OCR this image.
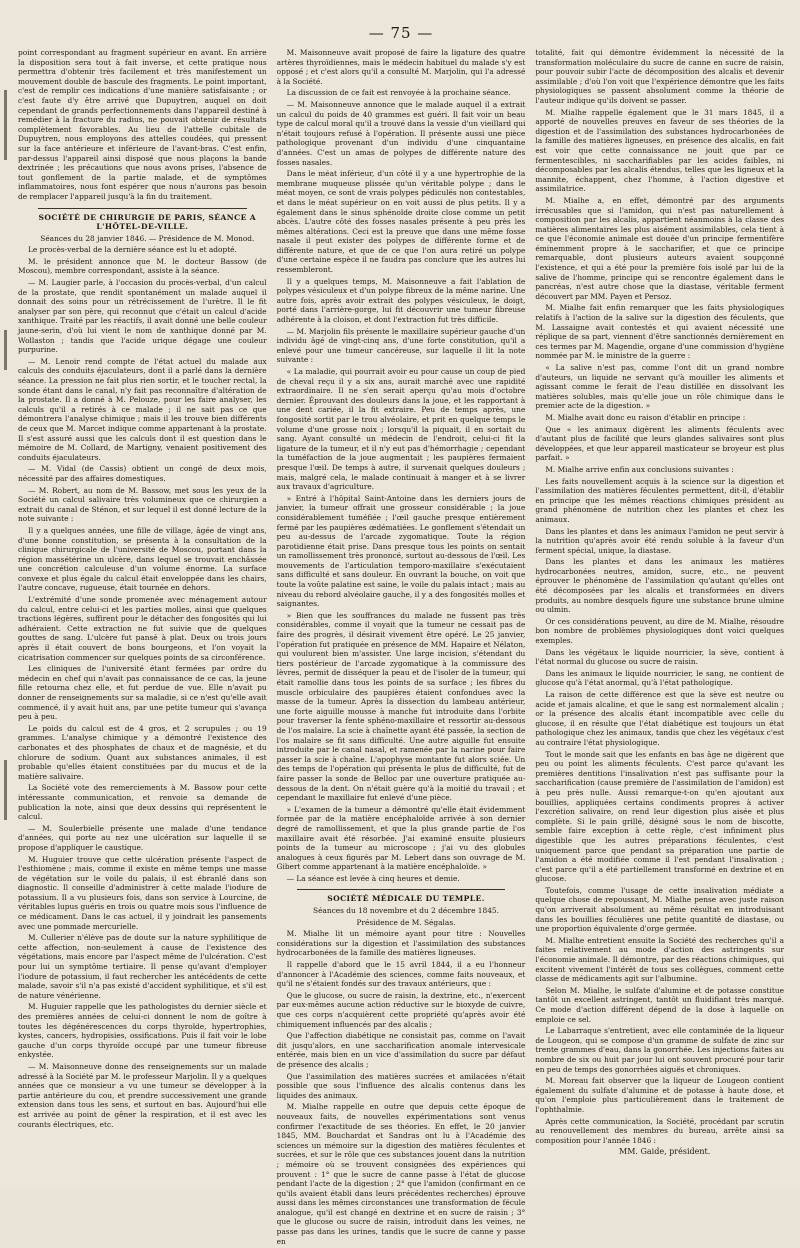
— 75 —

point correspondant au fragment supérieur en avant. En arrière la disposition sera tout à fait inverse, et cette pratique nous permettra d'obtenir très facilement et très manifestement un mouvement double de bascule des fragments. Le point important, c'est de remplir ces indications d'une manière satisfaisante ; or c'est faute d'y être arrivé que Dupuytren, auquel on doit cependant de grands perfectionnements dans l'appareil destiné à remédier à la fracture du radius, ne pouvait obtenir de résultats complètement favorables. Au lieu de l'attelle cubitale de Dupuytren, nous employons des attelles coudées, qui pressent sur la face antérieure et inférieure de l'avant-bras. C'est enfin, par-dessus l'appareil ainsi disposé que nous plaçons la bande dextrinée ; les précautions que nous avons prises, l'absence de tout gonflement de la partie malade, et de symptômes inflammatoires, nous font espérer que nous n'aurons pas besoin de remplacer l'appareil jusqu'à la fin du traitement.

SOCIÉTÉ DE CHIRURGIE DE PARIS, SÉANCE A L'HÔTEL-DE-VILLE.

Séances du 28 janvier 1846. — Présidence de M. Monod.

Le procès-verbal de la dernière séance est lu et adopté.

M. le président annonce que M. le docteur Bassow (de Moscou), membre correspondant, assiste à la séance.

— M. Laugier parle, à l'occasion du procès-verbal, d'un calcul de la prostate, que rendit spontanément un malade auquel il donnait des soins pour un rétrécissement de l'urètre. Il le fit analyser par son père, qui reconnut que c'était un calcul d'acide xanthique. Traité par les réactifs, il avait donné une belle couleur jaune-serin, d'où lui vient le nom de xanthique donné par M. Wollaston ; tandis que l'acide urique dégage une couleur purpurine.

— M. Lenoir rend compte de l'état actuel du malade aux calculs des conduits éjaculateurs, dont il a parlé dans la dernière séance. La pression ne fait plus rien sortir, et le toucher rectal, la sonde étant dans le canal, n'y fait pas reconnaître d'altération de la prostate. Il a donné à M. Pelouze, pour les faire analyser, les calculs qu'il a retirés à ce malade ; il ne sait pas ce que démontrera l'analyse chimique ; mais il les trouve bien différents de ceux que M. Marcet indique comme appartenant à la prostate. Il s'est assuré aussi que les calculs dont il est question dans le mémoire de M. Collard, de Martigny, venaient positivement des conduits éjaculateurs.

— M. Vidal (de Cassis) obtient un congé de deux mois, nécessité par des affaires domestiques.

— M. Robert, au nom de M. Bassow, met sous les yeux de la Société un calcul salivaire très volumineux que ce chirurgien a extrait du canal de Sténon, et sur lequel il est donné lecture de la note suivante :

Il y a quelques années, une fille de village, âgée de vingt ans, d'une bonne constitution, se présenta à la consultation de la clinique chirurgicale de l'université de Moscou, portant dans la région massétérine un ulcère, dans lequel se trouvait enchâssée une concrétion calculeuse d'un volume énorme. La surface convexe et plus égale du calcul était enveloppée dans les chairs, l'autre concave, rugueuse, était tournée en dehors.

L'extrémité d'une sonde promenée avec ménagement autour du calcul, entre celui-ci et les parties molles, ainsi que quelques tractions légères, suffirent pour le détacher des fongosités qui lui adhéraient. Cette extraction ne fut suivie que de quelques gouttes de sang. L'ulcère fut pansé à plat. Deux ou trois jours après il était couvert de bons bourgeons, et l'on voyait la cicatrisation commencer sur quelques points de sa circonférence.

Les cliniques de l'université étant fermées par ordre du médecin en chef qui n'avait pas connaissance de ce cas, la jeune fille retourna chez elle, et fut perdue de vue. Elle n'avait pu donner de renseignements sur sa maladie, si ce n'est qu'elle avait commencé, il y avait huit ans, par une petite tumeur qui s'avança peu à peu.

Le poids du calcul est de 4 gros, et 2 scrupules ; ou 19 grammes. L'analyse chimique y a démontré l'existence des carbonates et des phosphates de chaux et de magnésie, et du chlorure de sodium. Quant aux substances animales, il est probable qu'elles étaient constituées par du mucus et de la matière salivaire.

La Société vote des remerciements à M. Bassow pour cette intéressante communication, et renvoie sa demande de publication la note, ainsi que deux dessins qui représentent le calcul.

— M. Soulerbielle présente une malade d'une tendance d'années, qui porte au nez une ulcération sur laquelle il se propose d'appliquer le caustique.

M. Huguier trouve que cette ulcération présente l'aspect de l'esthiomène ; mais, comme il existe en même temps une masse de végétation sur le voile du palais, il est ébranlé dans son diagnostic. Il conseille d'administrer à cette malade l'iodure de potassium. Il a vu plusieurs fois, dans son service à Lourcine, de véritables lupus guéris en trois ou quatre mois sous l'influence de ce médicament. Dans le cas actuel, il y joindrait les pansements avec une pommade mercurielle.

M. Cullerier n'élève pas de doute sur la nature syphilitique de cette affection, non-seulement à cause de l'existence des végétations, mais encore par l'aspect même de l'ulcération. C'est pour lui un symptôme tertiaire. Il pense qu'avant d'employer l'iodure de potassium, il faut rechercher les antécédents de cette malade, savoir s'il n'a pas existé d'accident syphilitique, et s'il est de nature vénérienne.

M. Huguier rappelle que les pathologistes du dernier siècle et des premières années de celui-ci donnent le nom de goître à toutes les dégénérescences du corps thyroïde, hypertrophies, kystes, cancers, hydropisies, ossifications. Puis il fait voir le lobe gauche d'un corps thyroïde occupé par une tumeur fibreuse enkystée.

— M. Maisonneuve donne des renseignements sur un malade adressé à la Société par M. le professeur Marjolin. Il y a quelques années que ce monsieur a vu une tumeur se développer à la partie antérieure du cou, et prendre successivement une grande extension dans tous les sens, et surtout en bas. Aujourd'hui elle est arrivée au point de gêner la respiration, et il est avec les courants électriques, etc.

M. Maisonneuve avait proposé de faire la ligature des quatre artères thyroïdiennes, mais le médecin habituel du malade s'y est opposé ; et c'est alors qu'il a consulté M. Marjolin, qui l'a adressé à la Société.

La discussion de ce fait est renvoyée à la prochaine séance.

— M. Maisonneuve annonce que le malade auquel il a extrait un calcul du poids de 40 grammes est guéri. Il fait voir un beau type de calcul moral qu'il a trouvé dans la vessie d'un vieillard qui n'était toujours refusé à l'opération. Il présente aussi une pièce pathologique provenant d'un individu d'une cinquantaine d'années. C'est un amas de polypes de différente nature des fosses nasales.

Dans le méat inférieur, d'un côté il y a une hypertrophie de la membrane muqueuse plissée qu'un véritable polype ; dans le méat moyen, ce sont de vrais polypes pédiculés non contestables, et dans le méat supérieur on en voit aussi de plus petits. Il y a également dans le sinus sphénoïde droite close comme un petit abcès. L'autre côté des fosses nasales présente à peu près les mêmes altérations. Ceci est la preuve que dans une même fosse nasale il peut exister des polypes de différente forme et de différente nature, et que de ce que l'on aura retiré un polype d'une certaine espèce il ne faudra pas conclure que les autres lui ressembleront.

Il y a quelques temps, M. Maisonneuve a fait l'ablation de polypes vésiculeux et d'un polype fibreux de la même narine. Une autre fois, après avoir extrait des polypes vésiculeux, le doigt, porté dans l'arrière-gorge, lui fit découvrir une tumeur fibreuse adhérente à la cloison, et dont l'extraction fut très difficile.

— M. Marjolin fils présente le maxillaire supérieur gauche d'un individu âgé de vingt-cinq ans, d'une forte constitution, qu'il a enlevé pour une tumeur cancéreuse, sur laquelle il lit la note suivante :

« La maladie, qui pourrait avoir eu pour cause un coup de pied de cheval reçu il y a six ans, aurait marché avec une rapidité extraordinaire. Il ne s'en serait aperçu qu'au mois d'octobre dernier. Éprouvant des douleurs dans la joue, et les rapportant à une dent cariée, il la fit extraire. Peu de temps après, une fongosité sortit par le trou alvéolaire, et prit en quelque temps le volume d'une grosse noix ; lorsqu'il la piquait, il en sortait du sang. Ayant consulté un médecin de l'endroit, celui-ci fit la ligature de la tumeur, et il n'y eut pas d'hémorrhagie ; cependant la tuméfaction de la joue augmentait ; les paupières fermaient presque l'œil. De temps à autre, il survenait quelques douleurs ; mais, malgré cela, le malade continuait à manger et à se livrer aux travaux d'agriculture.

» Entré à l'hôpital Saint-Antoine dans les derniers jours de janvier, la tumeur offrait une grosseur considérable ; la joue considérablement tuméfiée ; l'œil gauche presque entièrement fermé par les paupières œdématiées. Le gonflement s'étendait un peu au-dessus de l'arcade zygomatique. Toute la région parotidienne était prise. Dans presque tous les points on sentait un ramollissement très prononcé, surtout au-dessous de l'œil. Les mouvements de l'articulation temporo-maxillaire s'exécutaient sans difficulté et sans douleur. En ouvrant la bouche, on voit que toute la voûte palatine est saine, le voile du palais intact ; mais au niveau du rebord alvéolaire gauche, il y a des fongosités molles et saignantes.

» Bien que les souffrances du malade ne fussent pas très considérables, comme il voyait que la tumeur ne cessait pas de faire des progrès, il désirait vivement être opéré. Le 25 janvier, l'opération fut pratiquée en présence de MM. Hapaire et Nélaton, qui voulurent bien m'assister. Une large incision, s'étendant du tiers postérieur de l'arcade zygomatique à la commissure des lèvres, permit de disséquer la peau et de l'isoler de la tumeur, qui était ramollie dans tous les points de sa surface ; les fibres du muscle orbiculaire des paupières étaient confondues avec la masse de la tumeur. Après la dissection du lambeau antérieur, une forte aiguille mousse à manche fut introduite dans l'orbite pour traverser la fente sphéno-maxillaire et ressortir au-dessous de l'os malaire. La scie à chaînette ayant été passée, la section de l'os malaire se fit sans difficulté. Une autre aiguille fut ensuite introduite par le canal nasal, et ramenée par la narine pour faire passer la scie à chaîne. L'apophyse montante fut alors sciée. Un des temps de l'opération qui présenta le plus de difficulté, fut de faire passer la sonde de Belloc par une ouverture pratiquée au-dessous de la dent. On n'était guère qu'à la moitié du travail ; et cependant le maxillaire fut enlevé d'une pièce.

» L'examen de la tumeur a démontré qu'elle était évidemment formée par de la matière encéphaloïde arrivée à son dernier degré de ramollissement, et que la plus grande partie de l'os maxillaire avait été résorbée. J'ai examiné ensuite plusieurs points de la tumeur au microscope ; j'ai vu des globules analogues à ceux figurés par M. Lebert dans son ouvrage de M. Gibert comme appartenant à la matière encéphaloïde. »

— La séance est levée à cinq heures et demie.

SOCIÉTÉ MÉDICALE DU TEMPLE.

Séances du 18 novembre et du 2 décembre 1845.

Présidence de M. Ségalas.

M. Mialhe lit un mémoire ayant pour titre : Nouvelles considérations sur la digestion et l'assimilation des substances hydrocarbonées de la famille des matières ligneuses.

Il rappelle d'abord que le 15 avril 1844, il a eu l'honneur d'annoncer à l'Académie des sciences, comme faits nouveaux, et qu'il ne s'étaient fondés sur des travaux antérieurs, que :

Que le glucose, ou sucre de raisin, la dextrine, etc., n'exercent par eux-mêmes aucune action réductive sur le bioxyde de cuivre, que ces corps n'acquièrent cette propriété qu'après avoir été chimiquement influencés par des alcalis ;

Que l'affection diabétique ne consistait pas, comme on l'avait dit jusqu'alors, en une saccharification anomale intervesicale entérée, mais bien en un vice d'assimilation du sucre par défaut de présence des alcalis ;

Que l'assimilation des matières sucrées et amilacées n'était possible que sous l'influence des alcalis contenus dans les liquides des animaux.

M. Mialhe rappelle en outre que depuis cette époque de nouveaux faits, de nouvelles expérimentations sont venus confirmer l'exactitude de ses théories. En effet, le 20 janvier 1845, MM. Bouchardat et Sandras ont lu à l'Académie des sciences un mémoire sur la digestion des matières féculentes et sucrées, et sur le rôle que ces substances jouent dans la nutrition ; mémoire où se trouvent consignées des expériences qui prouvent : 1° que le sucre de canne passe à l'état de glucose pendant l'acte de la digestion ; 2° que l'amidon (confirmant en ce qu'ils avaient établi dans leurs précédentes recherches) éprouve aussi dans les mêmes circonstances une transformation de fécule analogue, qu'il est changé en dextrine et en sucre de raisin ; 3° que le glucose ou sucre de raisin, introduit dans les veines, ne passe pas dans les urines, tandis que le sucre de canne y passe en

totalité, fait qui démontre évidemment la nécessité de la transformation moléculaire du sucre de canne en sucre de raisin, pour pouvoir subir l'acte de décomposition des alcalis et devenir assimilable ; d'où l'on voit que l'expérience démontre que les faits physiologiques se passent absolument comme la théorie de l'auteur indique qu'ils doivent se passer.

M. Mialhe rappelle également que le 31 mars 1845, il a apporté de nouvelles preuves en faveur de ses théories de la digestion et de l'assimilation des substances hydrocarbonées de la famille des matières ligneuses, en présence des alcalis, en fait est voir que cette connaissance ne jouit que par ce fermentescibles, ni saccharifiables par les acides faibles, ni décomposables par les alcalis étendus, telles que les ligneux et la mannite, échappent, chez l'homme, à l'action digestive et assimilatrice.

M. Mialhe a, en effet, démontré par des arguments irrécusables que si l'amidon, qui n'est pas naturellement à composition par les alcalis, appartient néanmoins à la classe des matières alimentaires les plus aisément assimilables, cela tient à ce que l'économie animale est douée d'un principe fermentifère éminemment propre à le saccharifier, et que ce principe remarquable, dont plusieurs auteurs avaient soupçonné l'existence, et qui a été pour la première fois isolé par lui de la salive de l'homme, principe qui se rencontre également dans le pancréas, n'est autre chose que la diastase, véritable ferment découvert par MM. Payen et Persoz.

M. Mialhe fait enfin remarquer que les faits physiologiques relatifs à l'action de la salive sur la digestion des féculents, que M. Lassaigne avait contestés et qui avaient nécessité une réplique de sa part, viennent d'être sanctionnés dernièrement en ces termes par M. Magendie, organe d'une commission d'hygiène nommée par M. le ministre de la guerre :

« La salive n'est pas, comme l'ont dit un grand nombre d'auteurs, un liquide ne servant qu'à mouiller les aliments et agissant comme le ferait de l'eau distillée en dissolvant les matières solubles, mais qu'elle joue un rôle chimique dans le premier acte de la digestion. »

M. Mialhe avait donc eu raison d'établir en principe :

Que « les animaux digèrent les aliments féculents avec d'autant plus de facilité que leurs glandes salivaires sont plus développées, et que leur appareil masticateur se broyeur est plus parfait. »

M. Mialhe arrive enfin aux conclusions suivantes :

Les faits nouvellement acquis à la science sur la digestion et l'assimilation des matières féculentes permettent, dit-il, d'établir en principe que les mêmes réactions chimiques président au grand phénomène de nutrition chez les plantes et chez les animaux.

Dans les plantes et dans les animaux l'amidon ne peut servir à la nutrition qu'après avoir été rendu soluble à la faveur d'un ferment spécial, unique, la diastase.

Dans les plantes et dans les animaux les matières hydrocarbonées neutres, amidon, sucre, etc., ne peuvent éprouver le phénomène de l'assimilation qu'autant qu'elles ont été décomposées par les alcalis et transformées en divers produits, au nombre desquels figure une substance brune ulmine ou ulmin.

Or ces considérations peuvent, au dire de M. Mialhe, résoudre bon nombre de problèmes physiologiques dont voici quelques exemples.

Dans les végétaux le liquide nourricier, la sève, contient à l'état normal du glucose ou sucre de raisin.

Dans les animaux le liquide nourricier, le sang, ne contient de glucose qu'à l'état anormal, qu'à l'état pathologique.

La raison de cette différence est que la sève est neutre ou acide et jamais alcaline, et que le sang est normalement alcalin ; or la présence des alcalis étant incompatible avec celle du glucose, il en résulte que l'état diabétique est toujours un état pathologique chez les animaux, tandis que chez les végétaux c'est au contraire l'état physiologique.

Tout le monde sait que les enfants en bas âge ne digèrent que peu ou point les aliments féculents. C'est parce qu'avant les premières dentitions l'insalivation n'est pas suffisante pour la saccharification (cause première de l'assimilation de l'amidon) est à peu près nulle. Aussi remarque-t-on qu'en ajoutant aux bouillies, appliquées certains condiments propres à activer l'excrétion salivaire, on rend leur digestion plus aisée et plus complète. Si le pain grillé, désigné sous le nom de biscotte, semble faire exception à cette règle, c'est infiniment plus digestible que les autres préparations féculentes, c'est uniquement parce que pendant sa préparation une partie de l'amidon a été modifiée comme il l'est pendant l'insalivation ; c'est parce qu'il a été partiellement transformé en dextrine et en glucose.

Toutefois, comme l'usage de cette insalivation médiate a quelque chose de repoussant, M. Mialhe pense avec juste raison qu'on arriverait absolument au même résultat en introduisant dans les bouillies féculières une petite quantité de diastase, ou une proportion équivalente d'orge germée.

M. Mialhe entretient ensuite la Société des recherches qu'il a faites relativement au mode d'action des astringents sur l'économie animale. Il démontre, par des réactions chimiques, qui excitent vivement l'intérêt de tous ses collègues, comment cette classe de médicaments agit sur l'albumine.

Selon M. Mialhe, le sulfate d'alumine et de potasse constitue tantôt un excellent astringent, tantôt un fluidifiant très marqué. Ce mode d'action différent dépend de la dose à laquelle on emploie ce sel.

Le Labarraque s'entretient, avec elle contaminée de la liqueur de Lougeon, qui se compose d'un gramme de sulfate de zinc sur trente grammes d'eau, dans la gonorrhée. Les injections faites au nombre de six ou huit par jour lui ont souvent procuré pour tarir en peu de temps des gonorrhées aiguës et chroniques.

M. Moreau fait observer que la liqueur de Lougeon contient également du sulfate d'alumine et de potasse à haute dose, et qu'on l'emploie plus particulièrement dans le traitement de l'ophthalmie.

Après cette communication, la Société, procédant par scrutin au renouvellement des membres du bureau, arrête ainsi sa composition pour l'année 1846 :

MM. Gaide, président.
